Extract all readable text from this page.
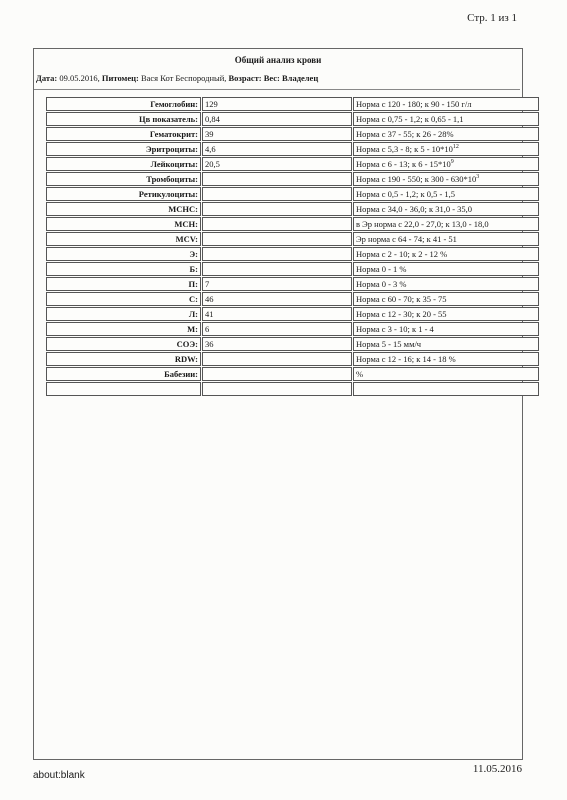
Стр. 1 из 1
Общий анализ крови
Дата: 09.05.2016, Питомец: Вася Кот Беспородный, Возраст: Вес: Владелец
Гемоглобин:	129	Норма с 120 - 180; к 90 - 150 г/л
Цв показатель:	0,84	Норма с 0,75 - 1,2; к 0,65 - 1,1
Гематокрит:	39	Норма с 37 - 55; к 26 - 28%
Эритроциты:	4,6	Норма с 5,3 - 8; к $5 - 10*10^{12}$
Лейкоциты:	20,5	Норма с 6 - 13; к $6 - 15*10^9$
Тромбоциты:		Норма с 190 - 550; к $300 - 630*10^3$
Ретикулоциты:		Норма с 0,5 - 1,2; к 0,5 - 1,5
МСНС:		Норма с 34,0 - 36,0; к 31,0 - 35,0
МСН:		в Эр норма с 22,0 - 27,0; к 13,0 - 18,0
MCV:		Эр норма с 64 - 74; к 41 - 51
Э:		Норма с 2 - 10; к 2 - 12 %
Б:		Норма 0 - 1 %
П:	7	Норма 0 - 3 %
С:	46	Норма с 60 - 70; к 35 - 75
Л:	41	Норма с 12 - 30; к 20 - 55
М:	6	Норма с 3 - 10; к 1 - 4
СОЭ:	36	Норма 5 - 15 мм/ч
RDW:		Норма с 12 - 16; к 14 - 18 %
Бабезии:		%

about:blank
11.05.2016
